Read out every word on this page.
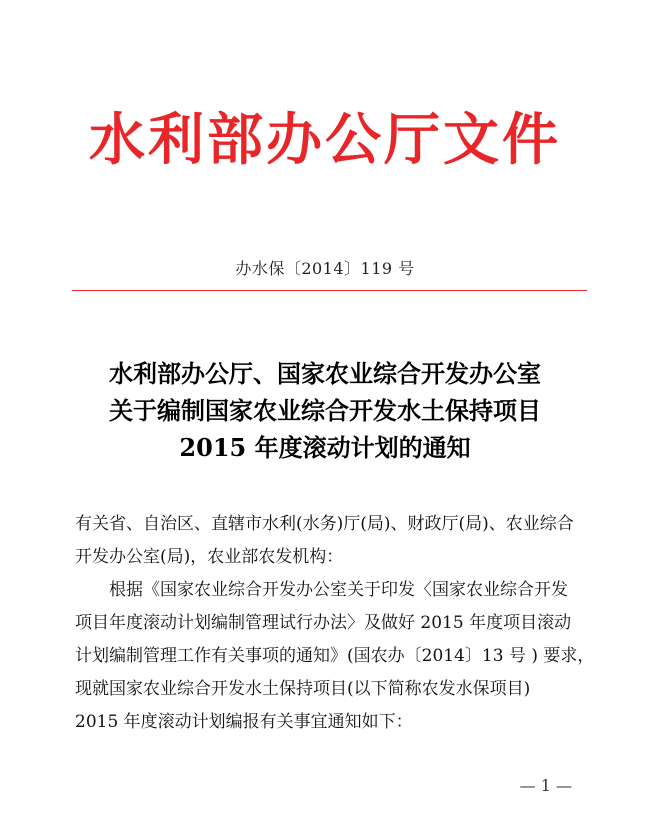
水利部办公厅文件
办水保〔2014〕119 号
水利部办公厅、国家农业综合开发办公室
关于编制国家农业综合开发水土保持项目
2015 年度滚动计划的通知

有关省、自治区、直辖市水利(水务)厅(局)、财政厅(局)、农业综合

开发办公室(局)，农业部农发机构：

根据《国家农业综合开发办公室关于印发〈国家农业综合开发

项目年度滚动计划编制管理试行办法〉及做好 2015 年度项目滚动

计划编制管理工作有关事项的通知》(国农办〔2014〕13 号 ) 要求，

现就国家农业综合开发水土保持项目(以下简称农发水保项目)

2015 年度滚动计划编报有关事宜通知如下：

— 1 —
